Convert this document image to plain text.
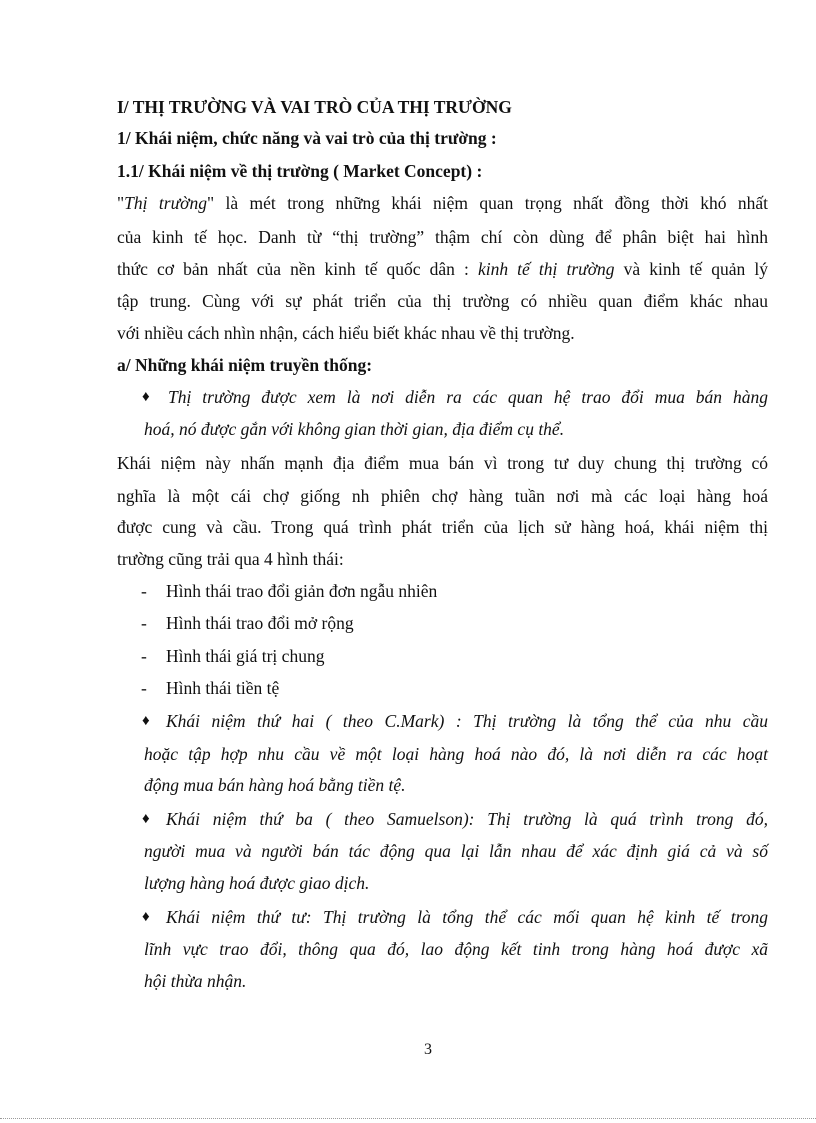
I/ THỊ TRƯỜNG VÀ VAI TRÒ CỦA THỊ TRƯỜNG
1/ Khái niệm, chức năng và vai trò của thị trường :
1.1/ Khái niệm về thị trường ( Market Concept) :
"Thị trường" là mét trong những khái niệm quan trọng nhất đồng thời khó nhất
của kinh tế học. Danh từ “thị trường” thậm chí còn dùng để phân biệt hai hình
thức cơ bản nhất của nền kinh tế quốc dân : kinh tế thị trường và kinh tế quản lý
tập trung. Cùng với sự phát triển của thị trường có nhiều quan điểm khác nhau
với nhiều cách nhìn nhận, cách hiểu biết khác nhau về thị trường.
a/ Những khái niệm truyền thống:
♦ Thị trường được xem là nơi diễn ra các quan hệ trao đổi mua bán hàng
hoá, nó được gắn với không gian thời gian, địa điểm cụ thể.
Khái niệm này nhấn mạnh địa điểm mua bán vì trong tư duy chung thị trường có
nghĩa là một cái chợ giống nh phiên chợ hàng tuần nơi mà các loại hàng hoá
được cung và cầu. Trong quá trình phát triển của lịch sử hàng hoá, khái niệm thị
trường cũng trải qua 4 hình thái:
-	Hình thái trao đổi giản đơn ngẫu nhiên
-	Hình thái trao đổi mở rộng
-	Hình thái giá trị chung
-	Hình thái tiền tệ
♦ Khái niệm thứ hai ( theo C.Mark) : Thị trường là tổng thể của nhu cầu
hoặc tập hợp nhu cầu về một loại hàng hoá nào đó, là nơi diễn ra các hoạt
động mua bán hàng hoá bằng tiền tệ.
♦ Khái niệm thứ ba ( theo Samuelson): Thị trường là quá trình trong đó,
người mua và người bán tác động qua lại lẫn nhau để xác định giá cả và số
lượng hàng hoá được giao dịch.
♦ Khái niệm thứ tư: Thị trường là tổng thể các mối quan hệ kinh tế trong
lĩnh vực trao đổi, thông qua đó, lao động kết tinh trong hàng hoá được xã
hội thừa nhận.
3
